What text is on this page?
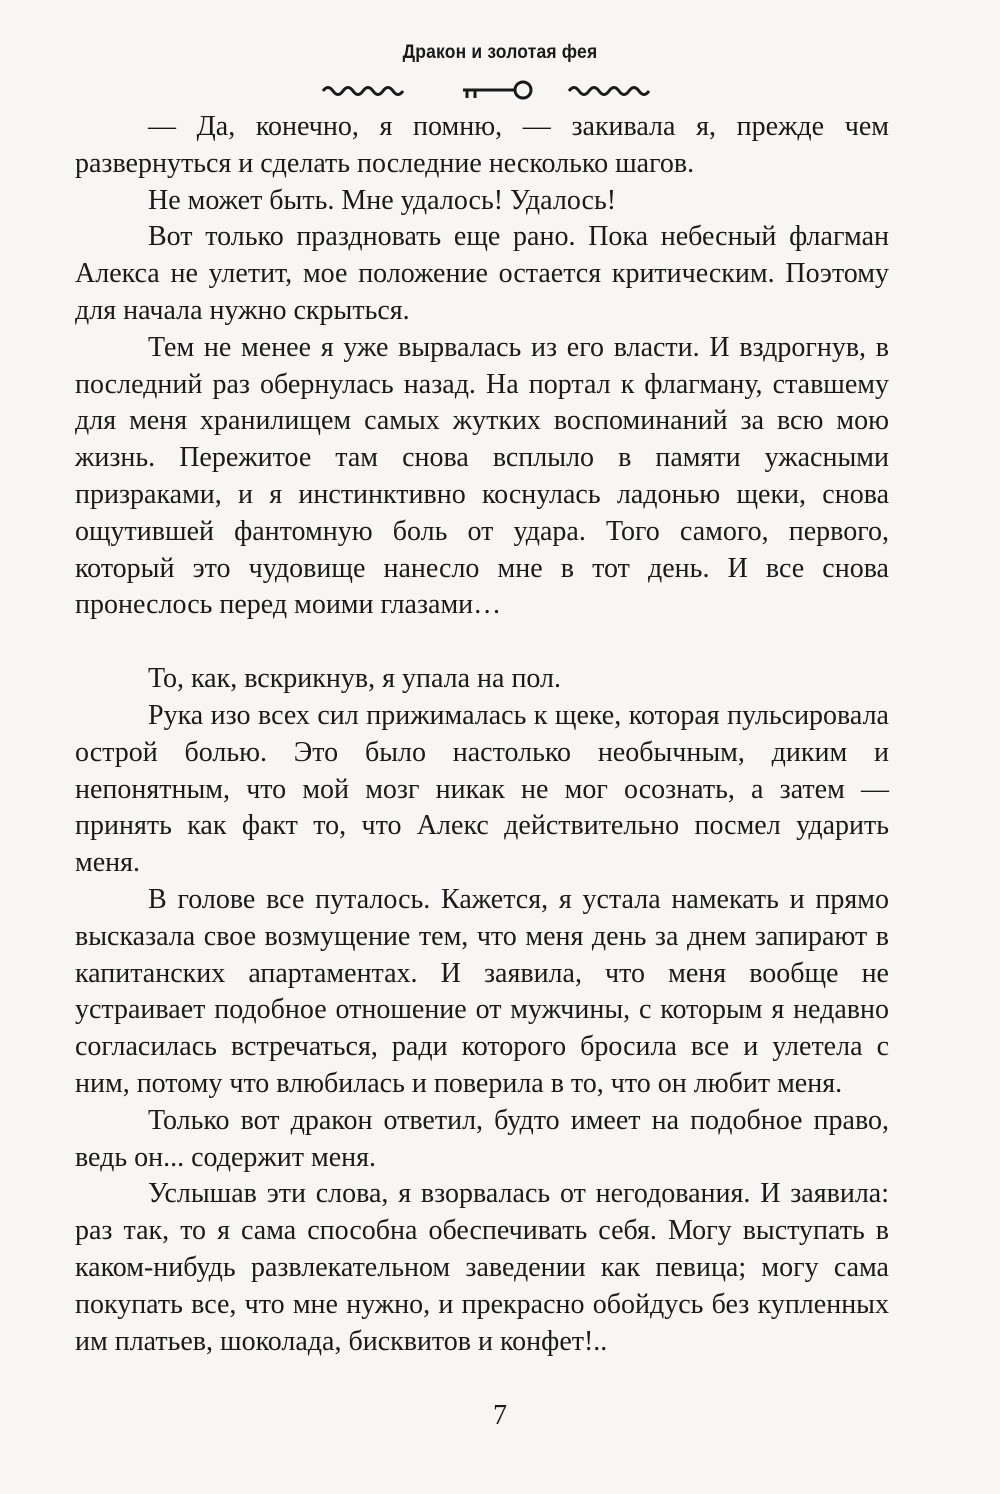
Дракон и золотая фея

— Да, конечно, я помню, — закивала я, прежде чем развернуться и сделать последние несколько шагов.

Не может быть. Мне удалось! Удалось!

Вот только праздновать еще рано. Пока небесный флагман Алекса не улетит, мое положение остается критическим. Поэтому для начала нужно скрыться.

Тем не менее я уже вырвалась из его власти. И вздрогнув, в последний раз обернулась назад. На портал к флагману, ставшему для меня хранилищем самых жутких воспоминаний за всю мою жизнь. Пережитое там снова всплыло в памяти ужасными призраками, и я инстинктивно коснулась ладонью щеки, снова ощутившей фантомную боль от удара. Того самого, первого, который это чудовище нанесло мне в тот день. И все снова пронеслось перед моими глазами…

То, как, вскрикнув, я упала на пол.

Рука изо всех сил прижималась к щеке, которая пульсировала острой болью. Это было настолько необычным, диким и непонятным, что мой мозг никак не мог осознать, а затем — принять как факт то, что Алекс действительно посмел ударить меня.

В голове все путалось. Кажется, я устала намекать и прямо высказала свое возмущение тем, что меня день за днем запирают в капитанских апартаментах. И заявила, что меня вообще не устраивает подобное отношение от мужчины, с которым я недавно согласилась встречаться, ради которого бросила все и улетела с ним, потому что влюбилась и поверила в то, что он любит меня.

Только вот дракон ответил, будто имеет на подобное право, ведь он... содержит меня.

Услышав эти слова, я взорвалась от негодования. И заявила: раз так, то я сама способна обеспечивать себя. Могу выступать в каком-нибудь развлекательном заведении как певица; могу сама покупать все, что мне нужно, и прекрасно обойдусь без купленных им платьев, шоколада, бисквитов и конфет!..

7
